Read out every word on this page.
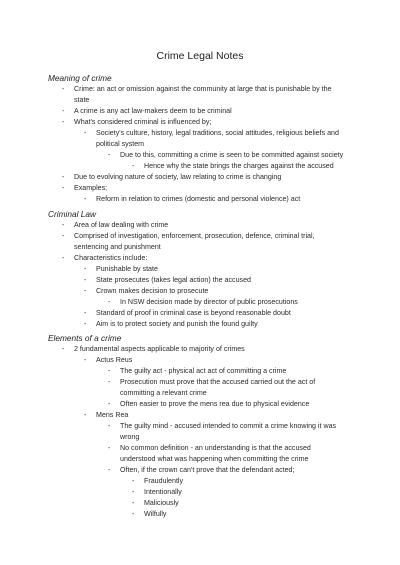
Crime Legal Notes
Meaning of crime
- Crime: an act or omission against the community at large that is punishable by the
state
- A crime is any act law-makers deem to be criminal
- What's considered criminal is influenced by;
- Society's culture, history, legal traditions, social attitudes, religious beliefs and
political system
- Due to this, committing a crime is seen to be committed against society
- Hence why the state brings the charges against the accused
- Due to evolving nature of society, law relating to crime is changing
- Examples;
- Reform in relation to crimes (domestic and personal violence) act
Criminal Law
- Area of law dealing with crime
- Comprised of investigation, enforcement, prosecution, defence, criminal trial,
sentencing and punishment
- Characteristics include:
- Punishable by state
- State prosecutes (takes legal action) the accused
- Crown makes decision to prosecute
- In NSW decision made by director of public prosecutions
- Standard of proof in criminal case is beyond reasonable doubt
- Aim is to protect society and punish the found guilty
Elements of a crime
- 2 fundamental aspects applicable to majority of crimes
- Actus Reus
- The guilty act - physical act act of committing a crime
- Prosecution must prove that the accused carried out the act of
committing a relevant crime
- Often easier to prove the mens rea due to physical evidence
- Mens Rea
- The guilty mind - accused intended to commit a crime knowing it was
wrong
- No common definition - an understanding is that the accused
understood what was happening when committing the crime
- Often, if the crown can't prove that the defendant acted;
- Fraudulently
- Intentionally
- Maliciously
- Wilfully
